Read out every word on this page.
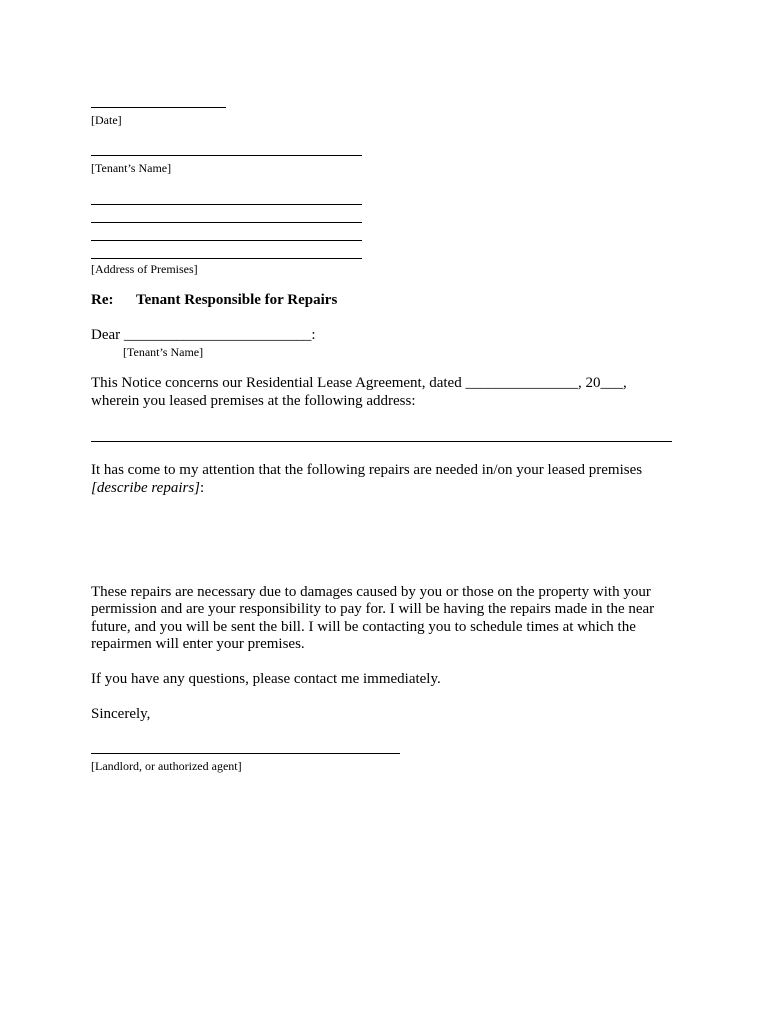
[Date]
[Tenant’s Name]
[Address of Premises]
Re: Tenant Responsible for Repairs
Dear _________________________:
[Tenant’s Name]
This Notice concerns our Residential Lease Agreement, dated _______________, 20___,
wherein you leased premises at the following address:
It has come to my attention that the following repairs are needed in/on your leased premises
[describe repairs]:
These repairs are necessary due to damages caused by you or those on the property with your
permission and are your responsibility to pay for. I will be having the repairs made in the near
future, and you will be sent the bill. I will be contacting you to schedule times at which the
repairmen will enter your premises.
If you have any questions, please contact me immediately.
Sincerely,
[Landlord, or authorized agent]
